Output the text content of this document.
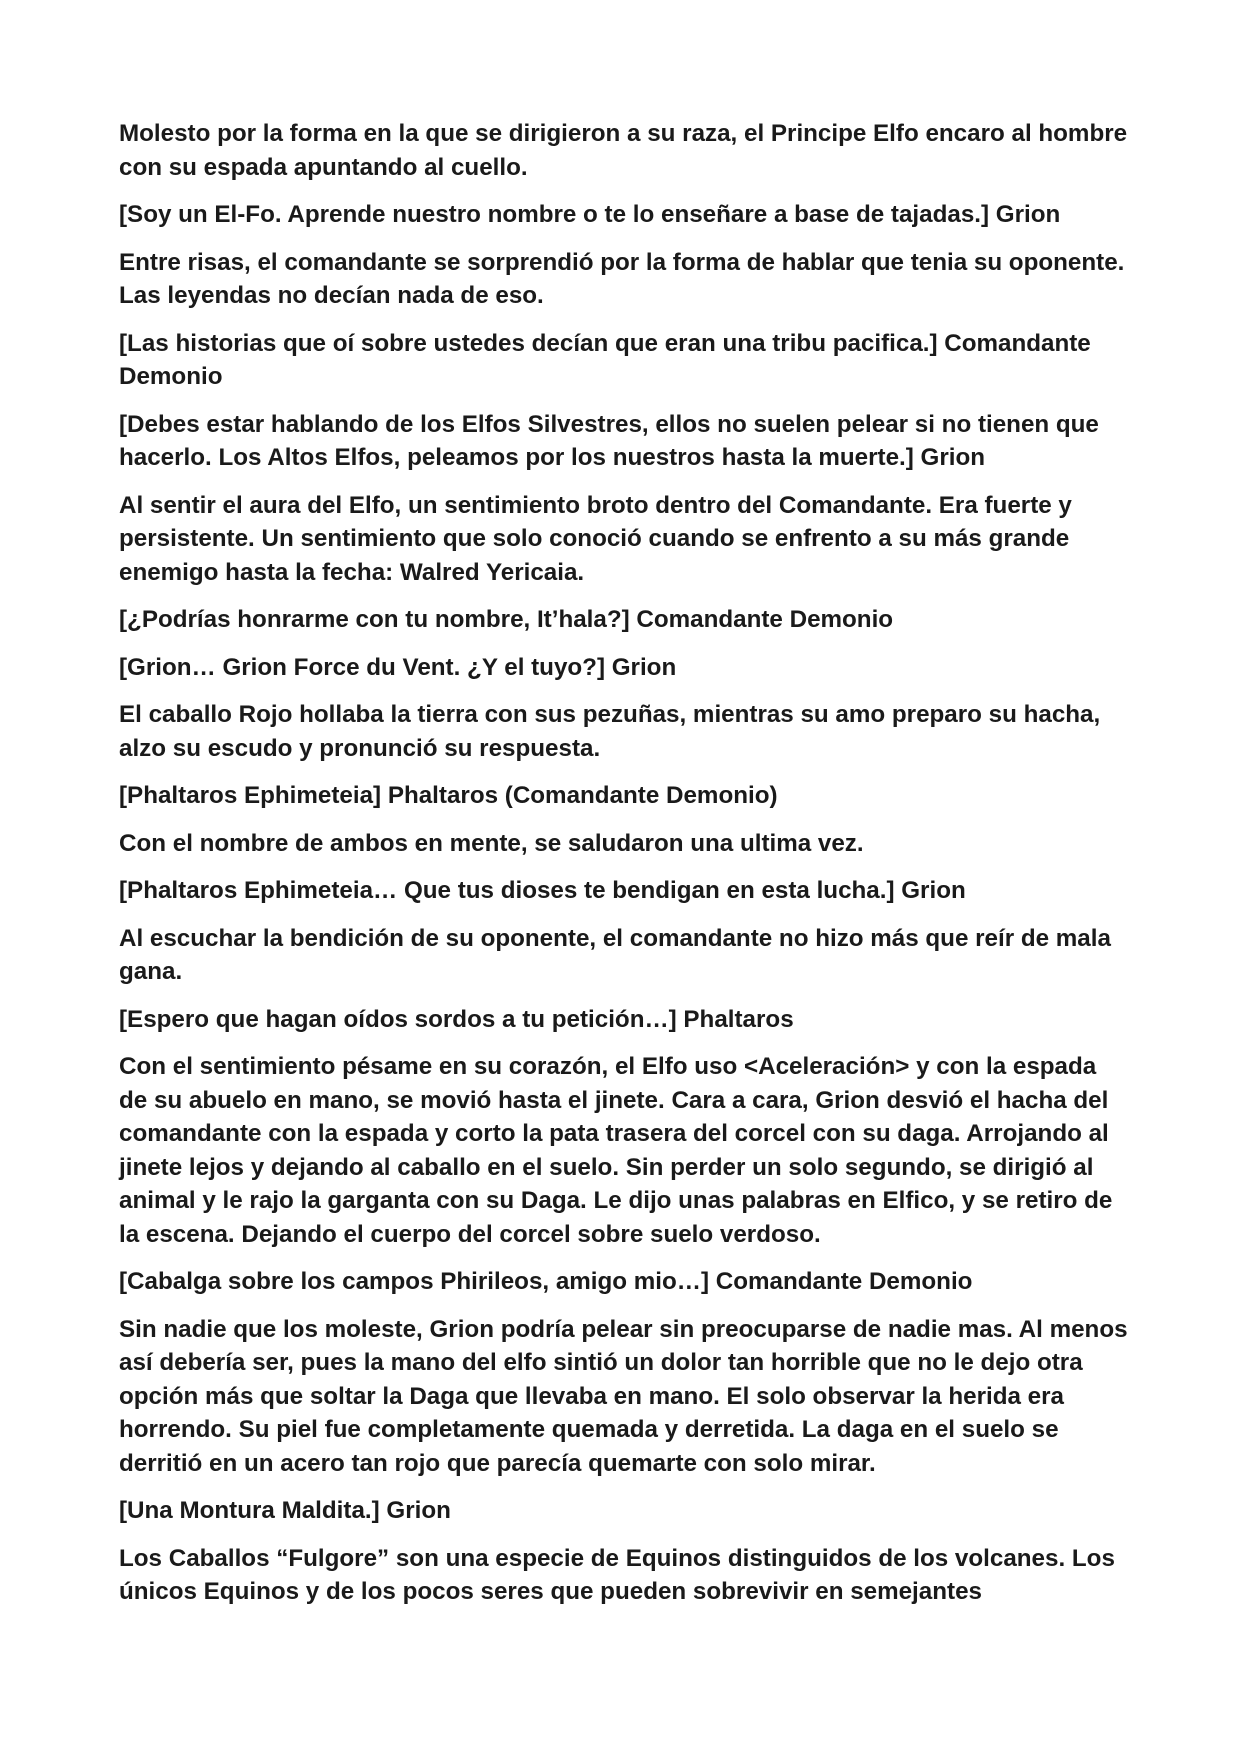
Molesto por la forma en la que se dirigieron a su raza, el Principe Elfo encaro al hombre con su espada apuntando al cuello.

[Soy un El-Fo. Aprende nuestro nombre o te lo enseñare a base de tajadas.] Grion

Entre risas, el comandante se sorprendió por la forma de hablar que tenia su oponente. Las leyendas no decían nada de eso.

[Las historias que oí sobre ustedes decían que eran una tribu pacifica.] Comandante Demonio

[Debes estar hablando de los Elfos Silvestres, ellos no suelen pelear si no tienen que hacerlo. Los Altos Elfos, peleamos por los nuestros hasta la muerte.] Grion

Al sentir el aura del Elfo, un sentimiento broto dentro del Comandante. Era fuerte y persistente. Un sentimiento que solo conoció cuando se enfrento a su más grande enemigo hasta la fecha: Walred Yericaia.

[¿Podrías honrarme con tu nombre, It’hala?] Comandante Demonio

[Grion… Grion Force du Vent. ¿Y el tuyo?] Grion

El caballo Rojo hollaba la tierra con sus pezuñas, mientras su amo preparo su hacha, alzo su escudo y pronunció su respuesta.

[Phaltaros Ephimeteia] Phaltaros (Comandante Demonio)

Con el nombre de ambos en mente, se saludaron una ultima vez.

[Phaltaros Ephimeteia… Que tus dioses te bendigan en esta lucha.] Grion

Al escuchar la bendición de su oponente, el comandante no hizo más que reír de mala gana.

[Espero que hagan oídos sordos a tu petición…] Phaltaros

Con el sentimiento pésame en su corazón, el Elfo uso <Aceleración> y con la espada de su abuelo en mano, se movió hasta el jinete. Cara a cara, Grion desvió el hacha del comandante con la espada y corto la pata trasera del corcel con su daga. Arrojando al jinete lejos y dejando al caballo en el suelo. Sin perder un solo segundo, se dirigió al animal y le rajo la garganta con su Daga. Le dijo unas palabras en Elfico, y se retiro de la escena. Dejando el cuerpo del corcel sobre suelo verdoso.

[Cabalga sobre los campos Phirileos, amigo mio…] Comandante Demonio

Sin nadie que los moleste, Grion podría pelear sin preocuparse de nadie mas. Al menos así debería ser, pues la mano del elfo sintió un dolor tan horrible que no le dejo otra opción más que soltar la Daga que llevaba en mano. El solo observar la herida era horrendo. Su piel fue completamente quemada y derretida. La daga en el suelo se derritió en un acero tan rojo que parecía quemarte con solo mirar.

[Una Montura Maldita.] Grion

Los Caballos “Fulgore” son una especie de Equinos distinguidos de los volcanes. Los únicos Equinos y de los pocos seres que pueden sobrevivir en semejantes
